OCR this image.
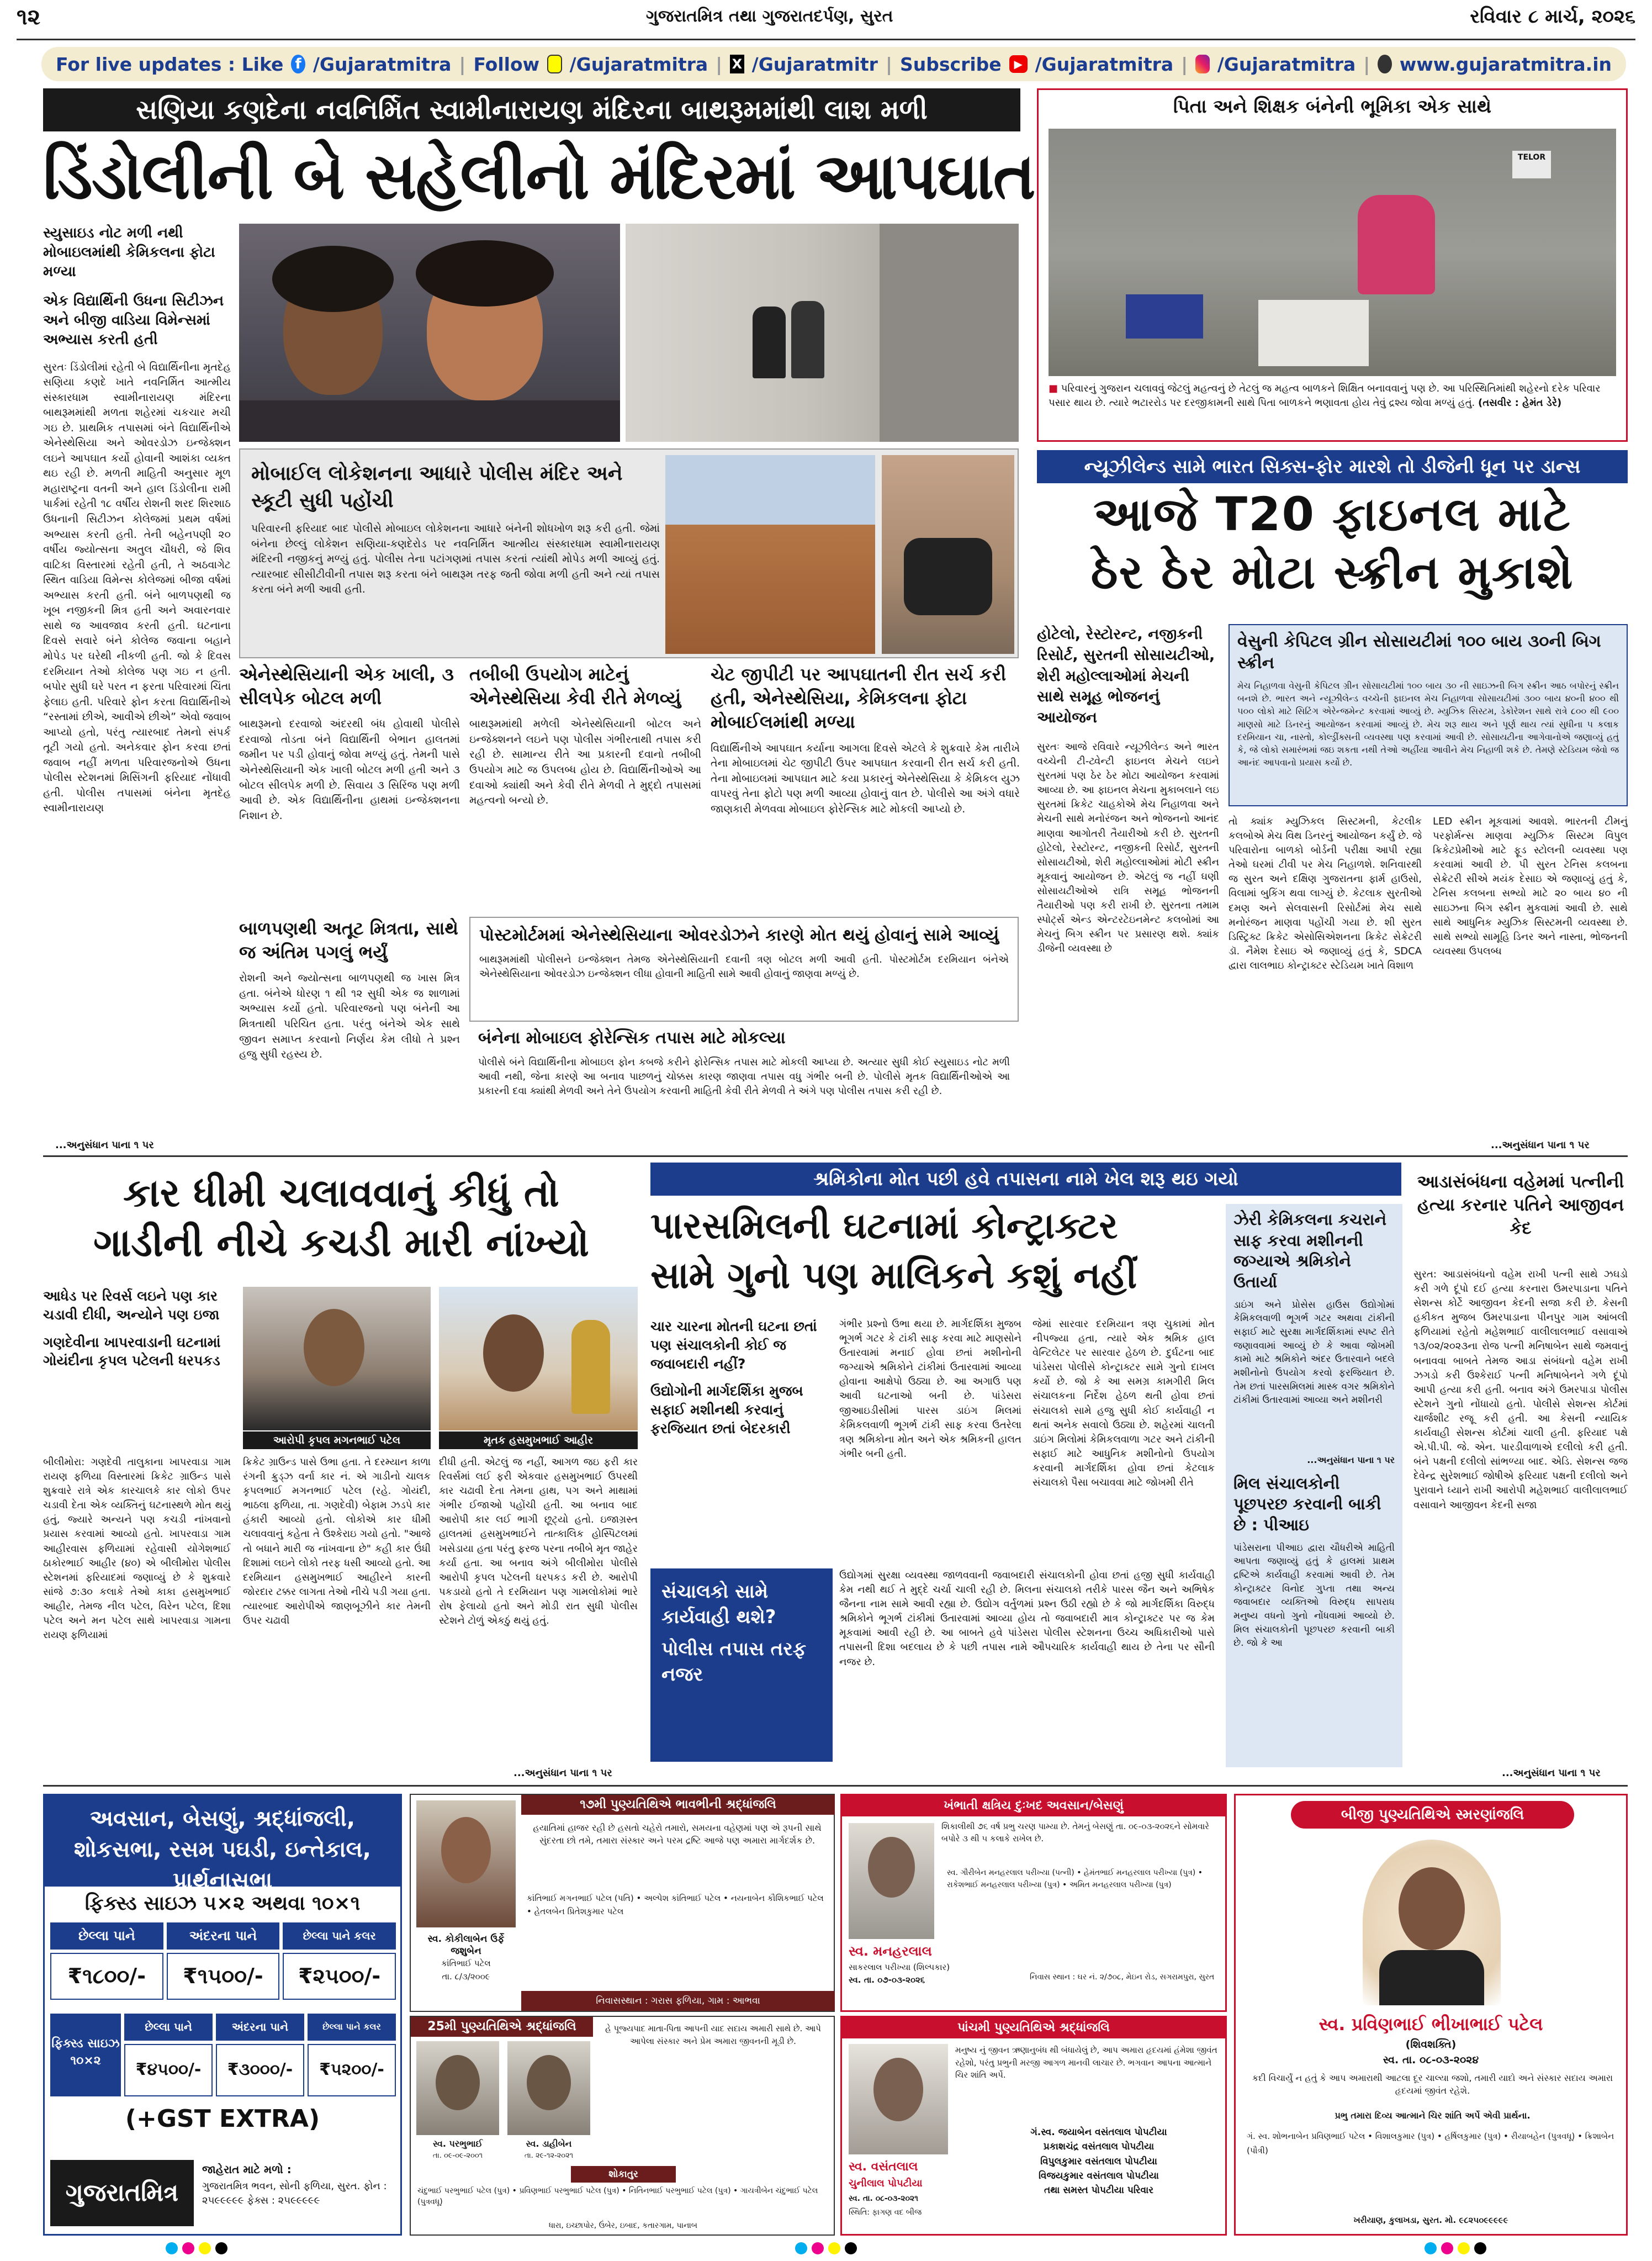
૧૨	ગુજરાતમિત્ર તથા ગુજરાતદર્પણ, સુરત	રવિવાર ૮ માર્ચ, ૨૦૨૬
For live updates : Like f /Gujaratmitra | Follow /Gujaratmitra | X /Gujaratmitr | Subscribe	▶ /Gujaratmitra | /Gujaratmitra | www.gujaratmitra.in
સણિયા કણદેના નવનિર્મિત સ્વામીનારાયણ મંદિરના બાથરૂમમાંથી લાશ મળી
ડિંડોલીની બે સહેલીનો મંદિરમાં આપઘાત
સ્યુસાઇડ નોટ મળી નથી મોબાઇલમાંથી કેમિકલના ફોટા મળ્યા
એક વિદ્યાર્થિની ઉધના સિટીઝન અને બીજી વાડિયા વિમેન્સમાં અભ્યાસ કરતી હતી
સુરતઃ ડિંડોલીમાં રહેતી બે વિદ્યાર્થિનીના મૃતદેહ સણિયા કણદે ખાતે નવનિર્મિત આત્મીય સંસ્કારધામ સ્વામીનારાયણ મંદિરના બાથરૂમમાંથી મળતા શહેરમાં ચકચાર મચી ગઇ છે. પ્રાથમિક તપાસમાં બંને વિદ્યાર્થિનીએ એનેસ્થેસિયા અને ઓવરડોઝ ઇન્જેક્શન લઇને આપઘાત કર્યો હોવાની આશંકા વ્યક્ત થઇ રહી છે. મળતી માહિતી અનુસાર મૂળ મહારાષ્ટ્રના વતની અને હાલ ડિંડોલીના રામી પાર્કમાં રહેતી ૧૮ વર્ષીય રોશની શરદ શિરશાઠ ઉધનાની સિટીઝન કોલેજમાં પ્રથમ વર્ષમાં અભ્યાસ કરતી હતી. તેની બહેનપણી ૨૦ વર્ષીય જ્યોત્સના અતુલ ચૌધરી, જે શિવ વાટિકા વિસ્તારમાં રહેતી હતી, તે અઠવાગેટ સ્થિત વાડિયા વિમેન્સ કોલેજમાં બીજા વર્ષમાં અભ્યાસ કરતી હતી. બંને બાળપણથી જ ખૂબ નજીકની મિત્ર હતી અને અવારનવાર સાથે જ આવજાવ કરતી હતી. ઘટનાના દિવસે સવારે બંને કોલેજ જવાના બહાને મોપેડ પર ઘરેથી નીકળી હતી. જો કે દિવસ દરમિયાન તેઓ કોલેજ પણ ગઇ ન હતી. બપોર સુધી ઘરે પરત ન ફરતા પરિવારમાં ચિંતા ફેલાઇ હતી. પરિવારે ફોન કરતા વિદ્યાર્થિનીએ “રસ્તામાં છીએ, આવીએ છીએ” એવો જવાબ આપ્યો હતો, પરંતુ ત્યારબાદ તેમનો સંપર્ક તૂટી ગયો હતો. અનેકવાર ફોન કરવા છતાં જવાબ નહીં મળતા પરિવારજનોએ ઉધના પોલીસ સ્ટેશનમાં મિસિંગની ફરિયાદ નોંધાવી હતી. પોલીસ તપાસમાં બંનેના મૃતદેહ સ્વામીનારાયણ
...અનુસંધાન પાના ૧ પર
મોબાઈલ લોકેશનના આધારે પોલીસ મંદિર અને સ્કૂટી સુધી પહોંચી
પરિવારની ફરિયાદ બાદ પોલીસે મોબાઇલ લોકેશનના આધારે બંનેની શોધખોળ શરૂ કરી હતી. જેમાં બંનેના છેલ્લું લોકેશન સણિયા-કણદેરોડ પર નવનિર્મિત આત્મીય સંસ્કારધામ સ્વામીનારાયણ મંદિરની નજીકનું મળ્યું હતું. પોલીસ તેના પટાંગણમાં તપાસ કરતાં ત્યાંથી મોપેડ મળી આવ્યું હતું. ત્યારબાદ સીસીટીવીની તપાસ શરૂ કરતા બંને બાથરૂમ તરફ જતી જોવા મળી હતી અને ત્યાં તપાસ કરતા બંને મળી આવી હતી.
એનેસ્થેસિયાની એક ખાલી, ૩ સીલપેક બોટલ મળી
બાથરૂમનો દરવાજો અંદરથી બંધ હોવાથી પોલીસે દરવાજો તોડતા બંને વિદ્યાર્થિની બેભાન હાલતમાં જમીન પર પડી હોવાનું જોવા મળ્યું હતું. તેમની પાસે એનેસ્થેસિયાની એક ખાલી બોટલ મળી હતી અને ૩ બોટલ સીલપેક મળી છે. સિવાય ૩ સિરિંજ પણ મળી આવી છે. એક વિદ્યાર્થિનીના હાથમાં ઇન્જેક્શનના નિશાન છે.
તબીબી ઉપયોગ માટેનું એનેસ્થેસિયા કેવી રીતે મેળવ્યું
બાથરૂમમાંથી મળેલી એનેસ્થેસિયાની બોટલ અને ઇન્જેક્શનને લઇને પણ પોલીસ ગંભીરતાથી તપાસ કરી રહી છે. સામાન્ય રીતે આ પ્રકારની દવાનો તબીબી ઉપયોગ માટે જ ઉપલબ્ધ હોય છે. વિદ્યાર્થિનીઓએ આ દવાઓ ક્યાંથી અને કેવી રીતે મેળવી તે મુદ્દો તપાસમાં મહત્વનો બન્યો છે.
ચેટ જીપીટી પર આપઘાતની રીત સર્ચ કરી હતી, એનેસ્થેસિયા, કેમિકલના ફોટા મોબાઈલમાંથી મળ્યા
વિદ્યાર્થિનીએ આપઘાત કર્યાના આગલા દિવસે એટલે કે શુક્રવારે કેમ તારીખે તેના મોબાઇલમાં ચેટ જીપીટી ઉપર આપઘાત કરવાની રીત સર્ચ કરી હતી. તેના મોબાઇલમાં આપઘાત માટે કયા પ્રકારનું એનેસ્થેસિયા કે કેમિકલ યુઝ વાપરવું તેના ફોટો પણ મળી આવ્યા હોવાનું વાત છે. પોલીસે આ અંગે વધારે જાણકારી મેળવવા મોબાઇલ ફોરેન્સિક માટે મોકલી આપ્યો છે.
બાળપણથી અતૂટ મિત્રતા, સાથે જ અંતિમ પગલું ભર્યું
રોશની અને જ્યોત્સના બાળપણથી જ ખાસ મિત્ર હતા. બંનેએ ધોરણ ૧ થી ૧૨ સુધી એક જ શાળામાં અભ્યાસ કર્યો હતો. પરિવારજનો પણ બંનેની આ મિત્રતાથી પરિચિત હતા. પરંતુ બંનેએ એક સાથે જીવન સમાપ્ત કરવાનો નિર્ણય કેમ લીધો તે પ્રશ્ન હજુ સુધી રહસ્ય છે.
પોસ્ટમોર્ટમમાં એનેસ્થેસિયાના ઓવરડોઝને કારણે મોત થયું હોવાનું સામે આવ્યું
બાથરૂમમાંથી પોલીસને ઇન્જેક્શન તેમજ એનેસ્થેસિયાની દવાની ત્રણ બોટલ મળી આવી હતી. પોસ્ટમોર્ટમ દરમિયાન બંનેએ એનેસ્થેસિયાના ઓવરડોઝ ઇન્જેક્શન લીધા હોવાની માહિતી સામે આવી હોવાનું જાણવા મળ્યું છે.
બંનેના મોબાઇલ ફોરેન્સિક તપાસ માટે મોકલ્યા
પોલીસે બંને વિદ્યાર્થિનીના મોબાઇલ ફોન કબજે કરીને ફોરેન્સિક તપાસ માટે મોકલી આપ્યા છે. અત્યાર સુધી કોઈ સ્યુસાઇડ નોટ મળી આવી નથી, જેના કારણે આ બનાવ પાછળનું ચોક્કસ કારણ જાણવા તપાસ વધુ ગંભીર બની છે. પોલીસે મૃતક વિદ્યાર્થિનીઓએ આ પ્રકારની દવા ક્યાંથી મેળવી અને તેને ઉપયોગ કરવાની માહિતી કેવી રીતે મેળવી તે અંગે પણ પોલીસ તપાસ કરી રહી છે.
પિતા અને શિક્ષક બંનેની ભૂમિકા એક સાથે
TELOR
■ પરિવારનું ગુજરાન ચલાવવું જેટલું મહત્વનું છે તેટલું જ મહત્વ બાળકને શિક્ષિત બનાવવાનું પણ છે. આ પરિસ્થિતિમાંથી શહેરનો દરેક પરિવાર પસાર થાય છે. ત્યારે ભટારરોડ પર દરજીકામની સાથે પિતા બાળકને ભણાવતા હોય તેવું દ્રશ્ય જોવા મળ્યું હતું. (તસવીર : હેમંત ડેરે)
ન્યૂઝીલેન્ડ સામે ભારત સિક્સ-ફોર મારશે તો ડીજેની ધૂન પર ડાન્સ
આજે T20 ફાઇનલ માટે
ઠેર ઠેર મોટા સ્ક્રીન મુકાશે
હોટેલો, રેસ્ટોરન્ટ, નજીકની રિસોર્ટ, સુરતની સોસાયટીઓ, શેરી મહોલ્લાઓમાં મેચની સાથે સમૂહ ભોજનનું આયોજન
વેસુની કેપિટલ ગ્રીન સોસાયટીમાં ૧૦૦ બાય ૩૦ની બિગ સ્ક્રીન
મેચ નિહાળવા વેસુની કેપિટલ ગ્રીન સોસાયટીમાં ૧૦૦ બાય ૩૦ ની સાઇઝની બિગ સ્ક્રીન આઠ બપોરનું સ્ક્રીન બનશે છે. ભારત અને ન્યૂઝીલેન્ડ વચ્ચેની ફાઇનલ મેચ નિહાળવા સોસાયટીમાં ૩૦૦ બાય ૪૦ની ૪૦૦ થી ૫૦૦ લોકો માટે સિટિંગ એરેન્જમેન્ટ કરવામાં આવ્યું છે. મ્યુઝિક સિસ્ટમ, ડેકોરેશન સાથે રાત્રે ૮૦૦ થી ૯૦૦ માણસો માટે ડિનરનું આયોજન કરવામાં આવ્યું છે. મેચ શરૂ થાય અને પૂર્ણ થાય ત્યાં સુધીના ૫ કલાક દરમિયાન ચા, નાસ્તો, કોલ્ડ્રીંક્સની વ્યવસ્થા પણ કરવામાં આવી છે. સોસાયટીના આગેવાનોએ જણાવ્યું હતું કે, જે લોકો સમારંભમાં જઇ શકતા નથી તેઓ અહીંયા આવીને મેચ નિહાળી શકે છે. તેમણે સ્ટેડિયમ જેવો જ આનંદ આપવાનો પ્રયાસ કર્યો છે.
સુરતઃ આજે રવિવારે ન્યૂઝીલેન્ડ અને ભારત વચ્ચેની ટી-ટ્વેન્ટી ફાઇનલ મેચને લઇને સુરતમાં પણ ઠેર ઠેર મોટા આયોજન કરવામાં આવ્યા છે. આ ફાઇનલ મેચના મુકાબલાને લઇ સુરતમાં ક્રિકેટ ચાહકોએ મેચ નિહાળવા અને મેચની સાથે મનોરંજન અને ભોજનનો આનંદ માણવા આગોતરી તૈયારીઓ કરી છે. સુરતની હોટેલો, રેસ્ટોરન્ટ, નજીકની રિસોર્ટ, સુરતની સોસાયટીઓ, શેરી મહોલ્લાઓમાં મોટી સ્ક્રીન મૂકવાનું આયોજન છે. એટલું જ નહીં ઘણી સોસાયટીઓએ રાત્રિ સમૂહ ભોજનની તૈયારીઓ પણ કરી રાખી છે. સુરતના તમામ સ્પોર્ટ્સ એન્ડ એન્ટરટેઇનમેન્ટ કલબોમાં આ મેચનું બિગ સ્ક્રીન પર પ્રસારણ થશે. ક્યાંક ડીજેની વ્યવસ્થા છે
તો ક્યાંક મ્યુઝિકલ સિસ્ટમની, કેટલીક કલબોએ મેચ વિથ ડિનરનું આયોજન કર્યું છે. જે પરિવારોના બાળકો બોર્ડની પરીક્ષા આપી રહ્યા તેઓ ઘરમાં ટીવી પર મેચ નિહાળશે. શનિવારથી જ સુરત અને દક્ષિણ ગુજરાતના ફાર્મ હાઉસો, વિલામાં બુકિંગ થવા લાગ્યું છે. કેટલાક સુરતીઓ દમણ અને સેલવાસની રિસોર્ટમાં મેચ સાથે મનોરંજન માણવા પહોંચી ગયા છે. શી સુરત ડિસ્ટ્રિક્ટ ક્રિકેટ એસોસિએશનના ક્રિકેટ સેક્રેટરી ડૉ. નૈમેશ દેસાઇ એ જણાવ્યું હતું કે, SDCA દ્વારા લાલભાઇ કોન્ટ્રાક્ટર સ્ટેડિયમ ખાતે વિશાળ
LED સ્ક્રીન મૂકવામાં આવશે. ભારતની ટીમનું પરફોર્મન્સ માણવા મ્યુઝિક સિસ્ટમ વિપુલ ક્રિકેટપ્રેમીઓ માટે ફૂડ સ્ટોલની વ્યવસ્થા પણ કરવામાં આવી છે. પી સુરત ટેનિસ કલબના સેક્રેટરી સીએ મયંક દેસાઇ એ જણાવ્યું હતું કે, ટેનિસ કલબના સભ્યો માટે ૨૦ બાય ૪૦ ની સાઇઝના બિગ સ્ક્રીન મુકવામાં આવી છે. સાથે સાથે આધુનિક મ્યુઝિક સિસ્ટમની વ્યવસ્થા છે. સાથે સભ્યો સામૂહિ ડિનર અને નાસ્તા, ભોજનની વ્યવસ્થા ઉપલબ્ધ
...અનુસંધાન પાના ૧ પર
કાર ધીમી ચલાવવાનું કીધું તો
ગાડીની નીચે કચડી મારી નાંખ્યો
આધેડ પર રિવર્સ લઇને પણ કાર ચડાવી દીધી, અન્યોને પણ ઇજા
ગણદેવીના ખાપરવાડાની ઘટનામાં ગોયંદીના કૃપલ પટેલની ધરપકડ
આરોપી કૃપલ મગનભાઈ પટેલ	મૃતક હસમુખભાઈ આહીર
બીલીમોરા: ગણદેવી તાલુકાના ખાપરવાડા ગામ રાયણ ફળિયા વિસ્તારમાં ક્રિકેટ ગ્રાઉન્ડ પાસે શુક્રવારે રાત્રે એક કારચાલકે કાર લોકો ઉપર ચડાવી દેતા એક વ્યક્તિનું ઘટનાસ્થળે મોત થયું હતું, જ્યારે અન્યને પણ કચડી નાંખવાનો પ્રયાસ કરવામાં આવ્યો હતો. ખાપરવાડા ગામ આહીરવાસ ફળિયામાં રહેવાસી યોગેશભાઈ ઠાકોરભાઈ આહીર (૪૦) એ બીલીમોરા પોલીસ સ્ટેશનમાં ફરિયાદમાં જણાવ્યું છે કે શુક્રવારે સાંજે ૭:૩૦ કલાકે તેઓ કાકા હસમુખભાઈ આહીર, તેમજ નીલ પટેલ, વિરેન પટેલ, દિશા પટેલ અને મન પટેલ સાથે ખાપરવાડા ગામના રાયણ ફળિયામાં
ક્રિકેટ ગ્રાઉન્ડ પાસે ઉભા હતા. તે દરમ્યાન કાળા રંગની ક્રુડ્ઝ વર્ના કાર નં. એ ગાડીનો ચાલક કૃપલભાઈ મગનભાઈ પટેલ (રહે. ગોયંદી, ભાઠલા ફળિયા, તા. ગણદેવી) બેફામ ઝડપે કાર હંકારી આવ્યો હતો. લોકોએ કાર ધીમી ચલાવવાનું કહેતા તે ઉશ્કેરાઇ ગયો હતો. "આજે તો બધાને મારી જ નાંખવાના છે" કહી કાર ઉંધી દિશામાં લઇને લોકો તરફ ધસી આવ્યો હતો. આ દરમિયાન હસમુખભાઈ આહીરને કારની જોરદાર ટક્કર લાગતા તેઓ નીચે પડી ગયા હતા. ત્યારબાદ આરોપીએ જાણબૂઝીને કાર તેમની ઉપર ચઢાવી
દીધી હતી. એટલું જ નહીં, આગળ જઇ ફરી કાર રિવર્સમાં લઈ ફરી એકવાર હસમુખભાઈ ઉપરથી કાર ચઢાવી દેતા તેમના હાથ, પગ અને માથામાં ગંભીર ઈજાઓ પહોંચી હતી. આ બનાવ બાદ આરોપી કાર લઈ ભાગી છૂટ્યો હતો. ઇજાગ્રસ્ત હાલતમાં હસમુખભાઈને તાત્કાલિક હોસ્પિટલમાં ખસેડાયા હતા પરંતુ ફરજ પરના તબીબે મૃત જાહેર કર્યા હતા. આ બનાવ અંગે બીલીમોરા પોલીસે આરોપી કૃપલ પટેલની ધરપકડ કરી છે. આરોપી પકડાયો હતો તે દરમિયાન પણ ગામલોકોમાં ભારે રોષ ફેલાયો હતો અને મોડી રાત સુધી પોલીસ સ્ટેશને ટોળું એકઠું થયું હતું.
...અનુસંધાન પાના ૧ પર
શ્રમિકોના મોત પછી હવે તપાસના નામે ખેલ શરૂ થઇ ગયો
પારસમિલની ઘટનામાં કોન્ટ્રાક્ટર
સામે ગુનો પણ માલિકને કશું નહીં
ચાર ચારના મોતની ઘટના છતાં પણ સંચાલકોની કોઈ જ જવાબદારી નહીં?
ઉદ્યોગોની માર્ગદર્શિકા મુજબ સફાઈ મશીનથી કરવાનું ફરજિયાત છતાં બેદરકારી
ગંભીર પ્રશ્નો ઉભા થયા છે. માર્ગદર્શિકા મુજબ ભૂગર્ભ ગટર કે ટાંકી સાફ કરવા માટે માણસોને ઉતારવામાં મનાઈ હોવા છતાં મશીનોની જગ્યાએ શ્રમિકોને ટાંકીમાં ઉતારવામાં આવ્યા હોવાના આક્ષેપો ઉઠ્યા છે. આ અગાઉ પણ આવી ઘટનાઓ બની છે. પાંડેસરા જીઆઇડીસીમાં પારસ ડાઇંગ મિલમાં કેમિકલવાળી ભૂગર્ભ ટાંકી સાફ કરવા ઉતરેલા ત્રણ શ્રમિકોના મોત અને એક શ્રમિકની હાલત ગંભીર બની હતી.
જેમાં સારવાર દરમિયાન ત્રણ ચુકામાં મોત નીપજ્યા હતા, ત્યારે એક શ્રમિક હાલ વેન્ટિલેટર પર સારવાર હેઠળ છે. દુર્ઘટના બાદ પાંડેસરા પોલીસે કોન્ટ્રાક્ટર સામે ગુનો દાખલ કર્યો છે. જો કે આ સમગ્ર કામગીરી મિલ સંચાલકના નિર્દેશ હેઠળ થતી હોવા છતાં સંચાલકો સામે હજુ સુધી કોઈ કાર્યવાહી ન થતાં અનેક સવાલો ઉઠ્યા છે. શહેરમાં ચાલતી ડાઇંગ મિલોમાં કેમિકલવાળા ગટર અને ટાંકીની સફાઈ માટે આધુનિક મશીનોનો ઉપયોગ કરવાની માર્ગદર્શિકા હોવા છતાં કેટલાક સંચાલકો પૈસા બચાવવા માટે જોખમી રીતે
ઝેરી કેમિકલના કચરાને સાફ કરવા મશીનની જગ્યાએ શ્રમિકોને ઉતાર્યા
ડાઇંગ અને પ્રોસેસ હાઉસ ઉદ્યોગોમાં કેમિકલવાળી ભૂગર્ભ ગટર અથવા ટાંકીની સફાઈ માટે સુરક્ષા માર્ગદર્શિકામાં સ્પષ્ટ રીતે જણાવવામાં આવ્યું છે કે આવા જોખમી કામો માટે શ્રમિકોને અંદર ઉતારવાને બદલે મશીનોનો ઉપયોગ કરવો ફરજિયાત છે. તેમ છતાં પારસમિલમાં માસ્ક વગર શ્રમિકોને ટાંકીમાં ઉતારવામાં આવ્યા અને મશીનરી
...અનુસંધાન પાના ૧ પર
મિલ સંચાલકોની પૂછપરછ કરવાની બાકી છે : પીઆઇ
પાંડેસરાના પીઆઇ દ્વારા ચૌધરીએ માહિતી આપતા જણાવ્યું હતું કે હાલમાં પ્રાથમ દ્રષ્ટિએ કાર્યવાહી કરવામાં આવી છે. તેમ કોન્ટ્રાક્ટર વિનોદ ગુપ્તા તથા અન્ય જવાબદાર વ્યક્તિઓ વિરુદ્ધ સાપરાધ મનુષ્ય વધનો ગુનો નોંધવામાં આવ્યો છે. મિલ સંચાલકોની પૂછપરછ કરવાની બાકી છે. જો કે આ
સંચાલકો સામે કાર્યવાહી થશે?
પોલીસ તપાસ તરફ નજર
ઉદ્યોગમાં સુરક્ષા વ્યવસ્થા જાળવવાની જવાબદારી સંચાલકોની હોવા છતાં હજી સુધી કાર્યવાહી કેમ નથી થઈ તે મુદ્દે ચર્ચા ચાલી રહી છે. મિલના સંચાલકો તરીકે પારસ જૈન અને અભિષેક જૈનના નામ સામે આવી રહ્યા છે. ઉદ્યોગ વર્તુળમાં પ્રશ્ન ઉઠી રહ્યો છે કે જો માર્ગદર્શિકા વિરુદ્ધ શ્રમિકોને ભૂગર્ભ ટાંકીમાં ઉતારવામાં આવ્યા હોય તો જવાબદારી માત્ર કોન્ટ્રાક્ટર પર જ કેમ મૂકવામાં આવી રહી છે. આ બાબતે હવે પાંડેસરા પોલીસ સ્ટેશનના ઉચ્ચ અધિકારીઓ પાસે તપાસની દિશા બદલાય છે કે પછી તપાસ નામે ઔપચારિક કાર્યવાહી થાય છે તેના પર સૌની નજર છે.
આડાસંબંધના વહેમમાં પત્નીની હત્યા કરનાર પતિને આજીવન કેદ
સુરત: આડાસંબંધનો વહેમ રાખી પત્ની સાથે ઝઘડો કરી ગળે દૂંપો દઈ હત્યા કરનારા ઉમરપાડાના પતિને સેશન્સ કોર્ટે આજીવન કેદની સજા કરી છે. કેસની હકીકત મુજબ ઉમરપાડાના પીનપુર ગામ આંબલી ફળિયામાં રહેતો મહેશભાઈ વાલીલાલભાઈ વસાવાએ ૧૩/૦૨/૨૦૨૩ના રોજ પત્ની મનિષાબેન સાથે જમવાનું બનાવવા બાબતે તેમજ આડા સંબંધનો વહેમ રાખી ઝગડો કરી ઉશ્કેરાઈ પત્ની મનિષાબેનને ગળે દૂંપો આપી હત્યા કરી હતી. બનાવ અંગે ઉમરપાડા પોલીસ સ્ટેશને ગુનો નોંધાયો હતો. પોલીસે સેશન્સ કોર્ટમાં ચાર્જશીટ રજૂ કરી હતી. આ કેસની ન્યાયિક કાર્યવાહી સેશન્સ કોર્ટમાં ચાલી હતી. ફરિયાદ પક્ષે એ.પી.પી. જે. એન. પારડીવાળાએ દલીલો કરી હતી. બંને પક્ષની દલીલો સાંભળ્યા બાદ. એડિ. સેશન્સ જજ દેવેન્દ્ર સુરેશભાઈ જોષીએ ફરિયાદ પક્ષની દલીલો અને પુરાવાને ધ્યાને રાખી આરોપી મહેશભાઈ વાલીલાલભાઈ વસાવાને આજીવન કેદની સજા
...અનુસંધાન પાના ૧ પર
અવસાન, બેસણું, શ્રદ્ધાંજલી, શોકસભા, રસમ પઘડી, ઇન્તેકાલ, પ્રાર્થનાસભા
ફિક્સ્ડ સાઇઝ ૫×૨ અથવા ૧૦×૧
છેલ્લા પાને	અંદરના પાને	છેલ્લા પાને કલર
₹૧૮૦૦/-	₹૧૫૦૦/-	₹૨૫૦૦/-
ફિક્સ્ડ સાઇઝ ૧૦×૨
છેલ્લા પાને	અંદરના પાને	છેલ્લા પાને કલર
₹૪૫૦૦/-	₹૩૦૦૦/-	₹૫૨૦૦/-
(+GST EXTRA)
ગુજરાતમિત્ર
જાહેરાત માટે મળો :
ગુજરાતમિત્ર ભવન, સોની ફળિયા, સુરત. ફોન : ૨૫૯૯૯૯૯ ફેક્સ : ૨૫૯૯૯૯૯
૧૭મી પુણ્યતિથિએ ભાવભીની શ્રદ્ધાંજલિ
સ્વ. કોકીલાબેન ઉર્ફે જશુબેન
કાંતિભાઈ પટેલ
તા. ૮/૩/૨૦૦૯
હયાતિમાં હાજર રહી છે હસતો ચહેરો તમારો, સમયના વહેણમાં પણ એ રૂપની સાથે સુંદરતા છો તમે, તમારા સંસ્કાર અને પરમ દ્રષ્ટિ આજે પણ અમારા માર્ગદર્શક છે.
કાંતિભાઈ મગનભાઈ પટેલ (પતિ) • અલ્પેશ કાંતિભાઈ પટેલ • નયનાબેન કૌશિકભાઈ પટેલ • હેતલબેન પ્રિતેશકુમાર પટેલ
નિવાસસ્થાન : ગરાસ ફળિયા, ગામ : આભવા
ખંભાતી ક્ષત્રિય દુઃખદ અવસાન/બેસણું
શિકાલીથી ૭૬ વર્ષ પ્રભુ ચરણ પામ્યા છે. તેમનું બેસણું તા. ૦૯-૦૩-૨૦૨૬ને સોમવારે બપોરે ૩ થી ૫ કલાકે રાખેલ છે.
સ્વ. ગૌરીબેન મનહરલાલ પરીખ્યા (પત્ની) • હેમંતભાઈ મનહરલાલ પરીખ્યા (પુત્ર) • રાકેશભાઈ મનહરલાલ પરીખ્યા (પુત્ર) • અમિત મનહરલાલ પરીખ્યા (પુત્ર)
સ્વ. મનહરલાલ
સાકરલાલ પરીખ્યા (શિલ્પકાર)
સ્વ. તા. ૦૭-૦૩-૨૦૨૬	નિવાસ સ્થાન : ઘર નં. ૨/૭૦૮, મેઇન રોડ, સગરામપુરા, સુરત
બીજી પુણ્યતિથિએ સ્મરણાંજલિ
સ્વ. પ્રવિણભાઈ ભીખાભાઈ પટેલ
(શિવશક્તિ)
સ્વ. તા. ૦૮-૦૩-૨૦૨૪
કદી વિચાર્યું ન હતું કે આપ અમારાથી આટલા દૂર ચાલ્યા જશો, તમારી યાદો અને સંસ્કાર સદાય અમારા હૃદયમાં જીવંત રહેશે.
પ્રભુ તમારા દિવ્ય આત્માને ચિર શાંતિ અર્પે એવી પ્રાર્થના.
ગં. સ્વ. શોભનાબેન પ્રવિણભાઈ પટેલ • વિશાલકુમાર (પુત્ર) • હર્ષિલકુમાર (પુત્ર) • રીયાબહેન (પુત્રવધૂ) • ક્રિશાબેન (પૌત્રી)
ખરીયાણ, કુલાખડા, સુરત. મો. ૯૮૨૫૦૯૯૯૯૯
25મી પુણ્યતિથિએ શ્રદ્ધાંજલિ
સ્વ. પરભુભાઈ
તા. ૦૯-૦૯-૨૦૦૧
સ્વ. ડાહીબેન
તા. ૨૯-૧૨-૨૦૨૧
હે પૂજ્યપાદ માતા-પિતા આપની યાદ સદાય અમારી સાથે છે. આપે આપેલા સંસ્કાર અને પ્રેમ અમારા જીવનની મૂડી છે.
શોકાતુર
ચંદુભાઈ પરભુભાઈ પટેલ (પુત્ર) • પ્રવિણભાઈ પરભુભાઈ પટેલ (પુત્ર) • નિતિનભાઈ પરભુભાઈ પટેલ (પુત્ર) • ગાયત્રીબેન ચંદુભાઈ પટેલ (પુત્રવધૂ)
ધારા, ઇચ્છાપોર, ઉંબેર, ઇબાદ, કતારગામ, પાનાબ
પાંચમી પુણ્યતિથિએ શ્રદ્ધાંજલિ
મનુષ્ય નું જીવન ઋણાનુબંધ થી બંધાયેલું છે, આપ અમારા હૃદયમાં હંમેશા જીવંત રહેશો, પરંતુ પ્રભુની મરજી આગળ માનવી લાચાર છે. ભગવાન આપના આત્માને ચિર શાંતિ અર્પે.
સ્વ. વસંતલાલ
ચુનીલાલ પોપટીયા
સ્વ. તા. ૦૮-૦૩-૨૦૨૧
સ્થિતિ: ફાગણ વદ બીજ
ગં.સ્વ. જયાબેન વસંતલાલ પોપટીયા
પ્રકાશચંદ્ર વસંતલાલ પોપટીયા
વિપુલકુમાર વસંતલાલ પોપટીયા
વિજયકુમાર વસંતલાલ પોપટીયા
તથા સમસ્ત પોપટીયા પરિવાર
